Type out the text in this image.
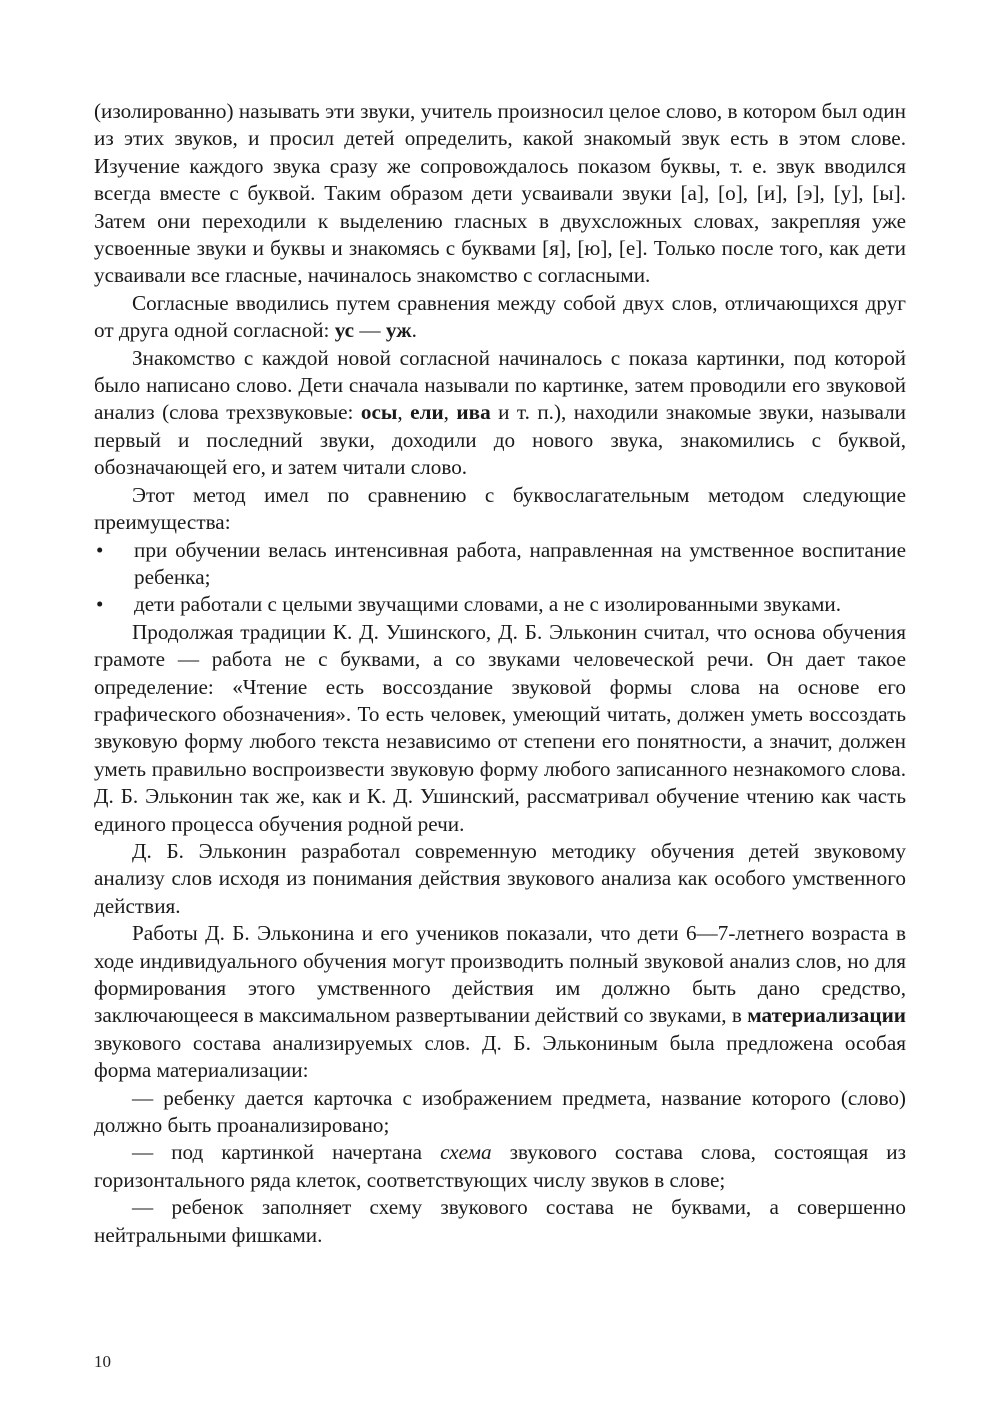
(изолированно) называть эти звуки, учитель произносил целое слово, в котором был один из этих звуков, и просил детей определить, какой знакомый звук есть в этом слове. Изучение каждого звука сразу же сопровождалось показом буквы, т. е. звук вводился всегда вместе с буквой. Таким образом дети усваивали звуки [а], [о], [и], [э], [у], [ы]. Затем они переходили к выделению гласных в двухсложных словах, закрепляя уже усвоенные звуки и буквы и знакомясь с буквами [я], [ю], [е]. Только после того, как дети усваивали все гласные, начиналось знакомство с согласными.

Согласные вводились путем сравнения между собой двух слов, отличающихся друг от друга одной согласной: ус — уж.

Знакомство с каждой новой согласной начиналось с показа картинки, под которой было написано слово. Дети сначала называли по картинке, затем проводили его звуковой анализ (слова трехзвуковые: осы, ели, ива и т. п.), находили знакомые звуки, называли первый и последний звуки, доходили до нового звука, знакомились с буквой, обозначающей его, и затем читали слово.

Этот метод имел по сравнению с буквослагательным методом следующие преимущества:

• при обучении велась интенсивная работа, направленная на умственное воспитание ребенка;
• дети работали с целыми звучащими словами, а не с изолированными звуками.

Продолжая традиции К. Д. Ушинского, Д. Б. Эльконин считал, что основа обучения грамоте — работа не с буквами, а со звуками человеческой речи. Он дает такое определение: «Чтение есть воссоздание звуковой формы слова на основе его графического обозначения». То есть человек, умеющий читать, должен уметь воссоздать звуковую форму любого текста независимо от степени его понятности, а значит, должен уметь правильно воспроизвести звуковую форму любого записанного незнакомого слова. Д. Б. Эльконин так же, как и К. Д. Ушинский, рассматривал обучение чтению как часть единого процесса обучения родной речи.

Д. Б. Эльконин разработал современную методику обучения детей звуковому анализу слов исходя из понимания действия звукового анализа как особого умственного действия.

Работы Д. Б. Эльконина и его учеников показали, что дети 6—7-летнего возраста в ходе индивидуального обучения могут производить полный звуковой анализ слов, но для формирования этого умственного действия им должно быть дано средство, заключающееся в максимальном развертывании действий со звуками, в материализации звукового состава анализируемых слов. Д. Б. Элькониным была предложена особая форма материализации:

— ребенку дается карточка с изображением предмета, название которого (слово) должно быть проанализировано;

— под картинкой начертана схема звукового состава слова, состоящая из горизонтального ряда клеток, соответствующих числу звуков в слове;

— ребенок заполняет схему звукового состава не буквами, а совершенно нейтральными фишками.

10
